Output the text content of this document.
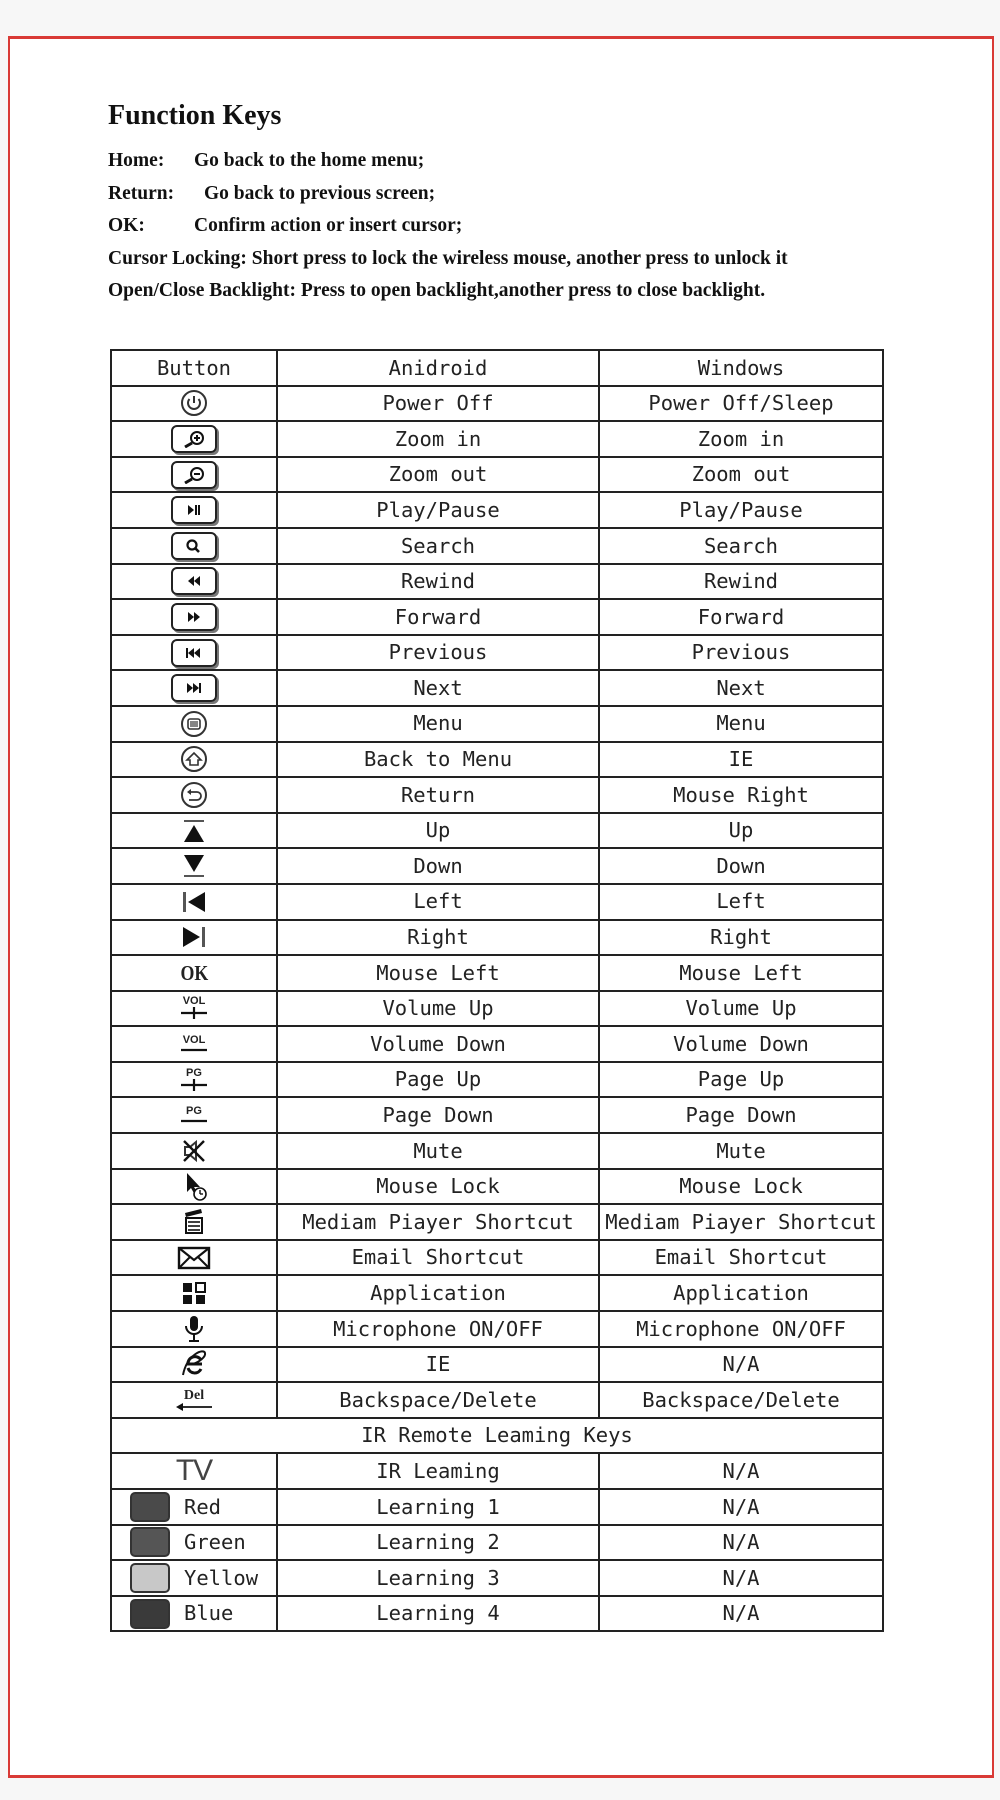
Function Keys
Home: Go back to the home menu;
Return: Go back to previous screen;
OK:	Confirm action or insert cursor;
Cursor Locking: Short press to lock the wireless mouse, another press to unlock it
Open/Close Backlight: Press to open backlight,another press to close backlight.
Button	Anidroid	Windows

	Power Off	Power Off/Sleep

	Zoom in	Zoom in

	Zoom out	Zoom out

	Play/Pause	Play/Pause

	Search	Search

	Rewind	Rewind

	Forward	Forward

	Previous	Previous

	Next	Next

	Menu	Menu

	Back to Menu	IE

	Return	Mouse Right

	Up	Up

	Down	Down

	Left	Left

	Right	Right

OK	Mouse Left	Mouse Left

VOL	Volume Up	Volume Up

VOL	Volume Down	Volume Down

PG	Page Up	Page Up

PG	Page Down	Page Down

	Mute	Mute

	Mouse Lock	Mouse Lock

	Mediam Piayer Shortcut	Mediam Piayer Shortcut

	Email Shortcut	Email Shortcut

	Application	Application

	Microphone ON/OFF	Microphone ON/OFF

	IE	N/A

Del	Backspace/Delete	Backspace/Delete
IR Remote Leaming Keys		
TV	IR Leaming	N/A
Red	Learning 1	N/A
Green	Learning 2	N/A
Yellow	Learning 3	N/A
Blue	Learning 4	N/A
